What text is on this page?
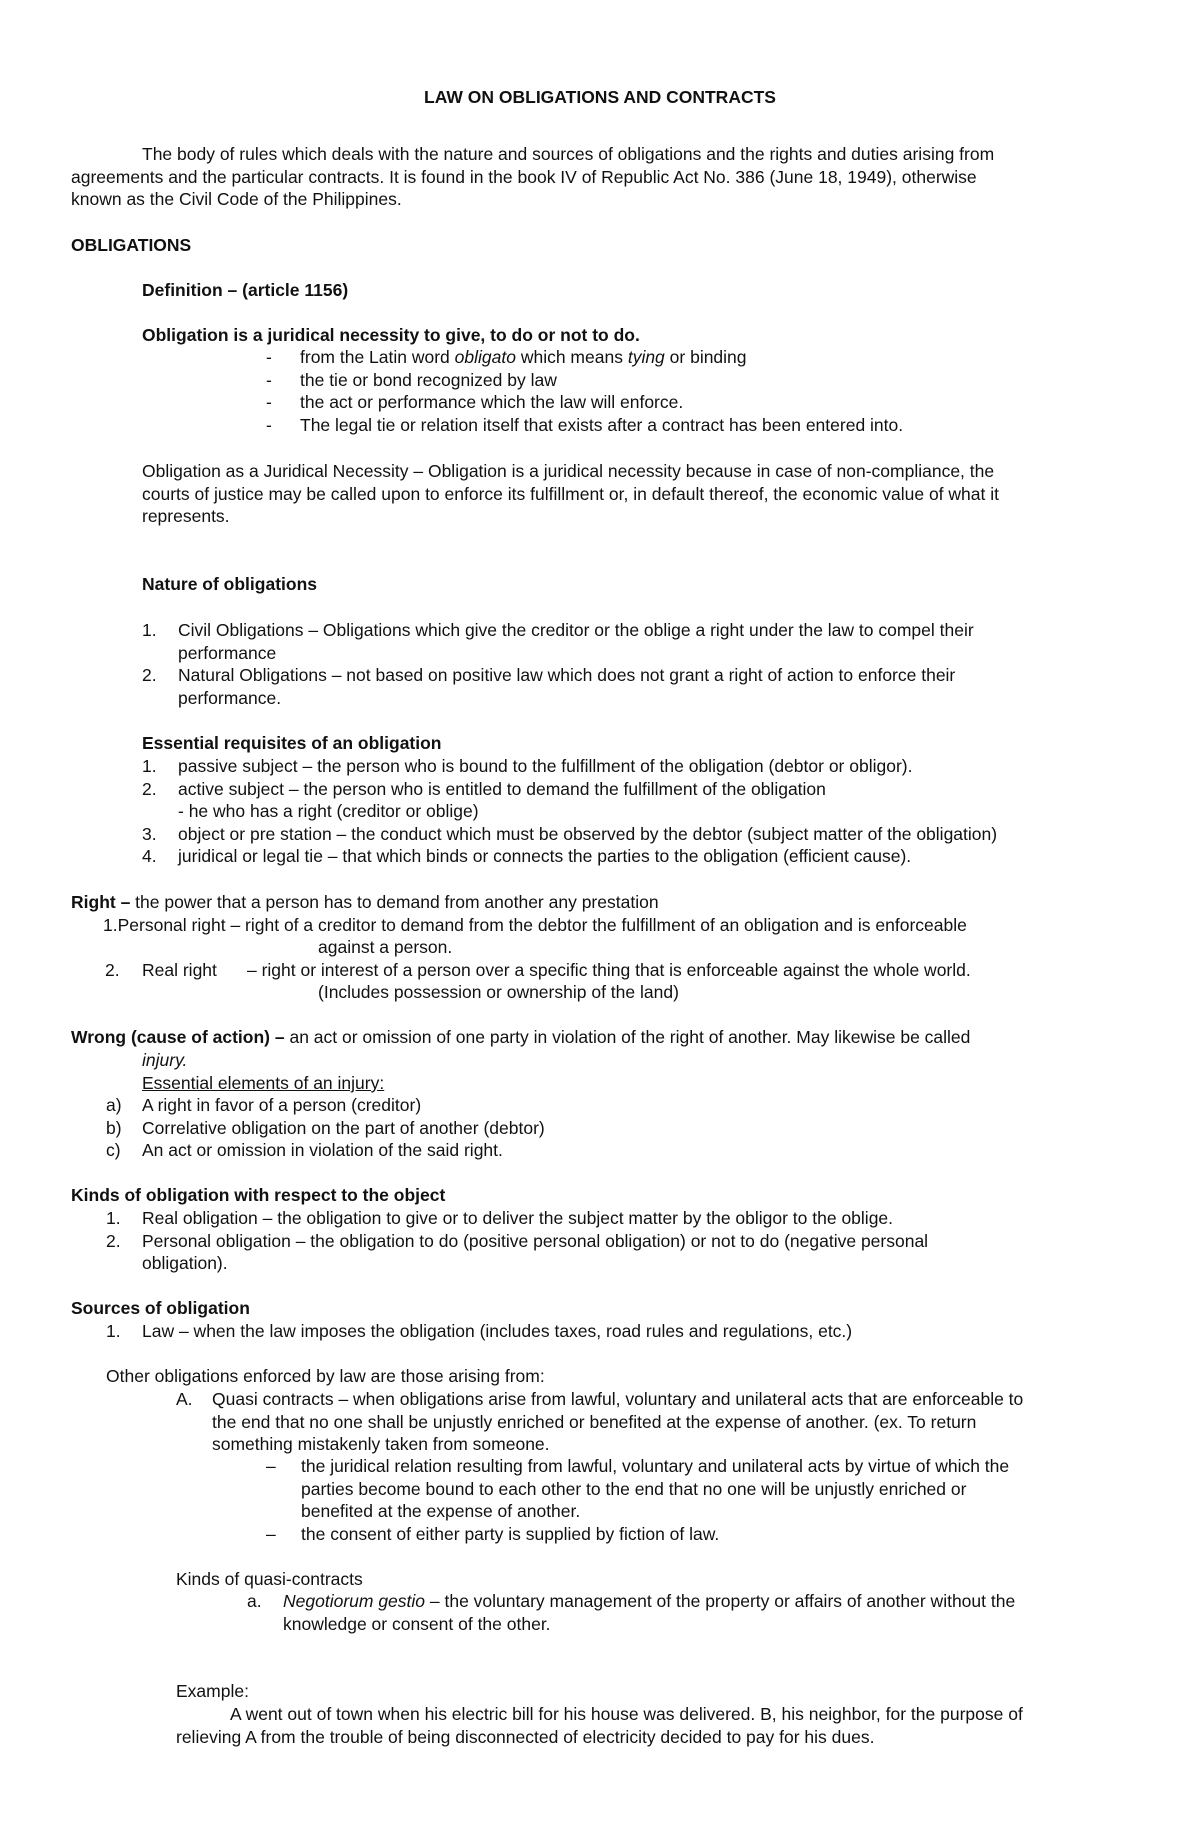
LAW ON OBLIGATIONS AND CONTRACTS
The body of rules which deals with the nature and sources of obligations and the rights and duties arising from
agreements and the particular contracts. It is found in the book IV of Republic Act No. 386 (June 18, 1949), otherwise
known as the Civil Code of the Philippines.
OBLIGATIONS
Definition – (article 1156)
Obligation is a juridical necessity to give, to do or not to do.
- from the Latin word obligato which means tying or binding
- the tie or bond recognized by law
- the act or performance which the law will enforce.
- The legal tie or relation itself that exists after a contract has been entered into.
Obligation as a Juridical Necessity – Obligation is a juridical necessity because in case of non-compliance, the
courts of justice may be called upon to enforce its fulfillment or, in default thereof, the economic value of what it
represents.
Nature of obligations
1. Civil Obligations – Obligations which give the creditor or the oblige a right under the law to compel their
performance
2. Natural Obligations – not based on positive law which does not grant a right of action to enforce their
performance.
Essential requisites of an obligation
1. passive subject – the person who is bound to the fulfillment of the obligation (debtor or obligor).
2. active subject – the person who is entitled to demand the fulfillment of the obligation
- he who has a right (creditor or oblige)
3. object or pre station – the conduct which must be observed by the debtor (subject matter of the obligation)
4. juridical or legal tie – that which binds or connects the parties to the obligation (efficient cause).
Right – the power that a person has to demand from another any prestation
1.Personal right – right of a creditor to demand from the debtor the fulfillment of an obligation and is enforceable
against a person.
2. Real right – right or interest of a person over a specific thing that is enforceable against the whole world.
(Includes possession or ownership of the land)
Wrong (cause of action) – an act or omission of one party in violation of the right of another. May likewise be called
injury.
Essential elements of an injury:
a) A right in favor of a person (creditor)
b) Correlative obligation on the part of another (debtor)
c) An act or omission in violation of the said right.
Kinds of obligation with respect to the object
1. Real obligation – the obligation to give or to deliver the subject matter by the obligor to the oblige.
2. Personal obligation – the obligation to do (positive personal obligation) or not to do (negative personal
obligation).
Sources of obligation
1. Law – when the law imposes the obligation (includes taxes, road rules and regulations, etc.)
Other obligations enforced by law are those arising from:
A. Quasi contracts – when obligations arise from lawful, voluntary and unilateral acts that are enforceable to
the end that no one shall be unjustly enriched or benefited at the expense of another. (ex. To return
something mistakenly taken from someone.
– the juridical relation resulting from lawful, voluntary and unilateral acts by virtue of which the
parties become bound to each other to the end that no one will be unjustly enriched or
benefited at the expense of another.
– the consent of either party is supplied by fiction of law.
Kinds of quasi-contracts
a. Negotiorum gestio – the voluntary management of the property or affairs of another without the
knowledge or consent of the other.
Example:
A went out of town when his electric bill for his house was delivered. B, his neighbor, for the purpose of
relieving A from the trouble of being disconnected of electricity decided to pay for his dues.
